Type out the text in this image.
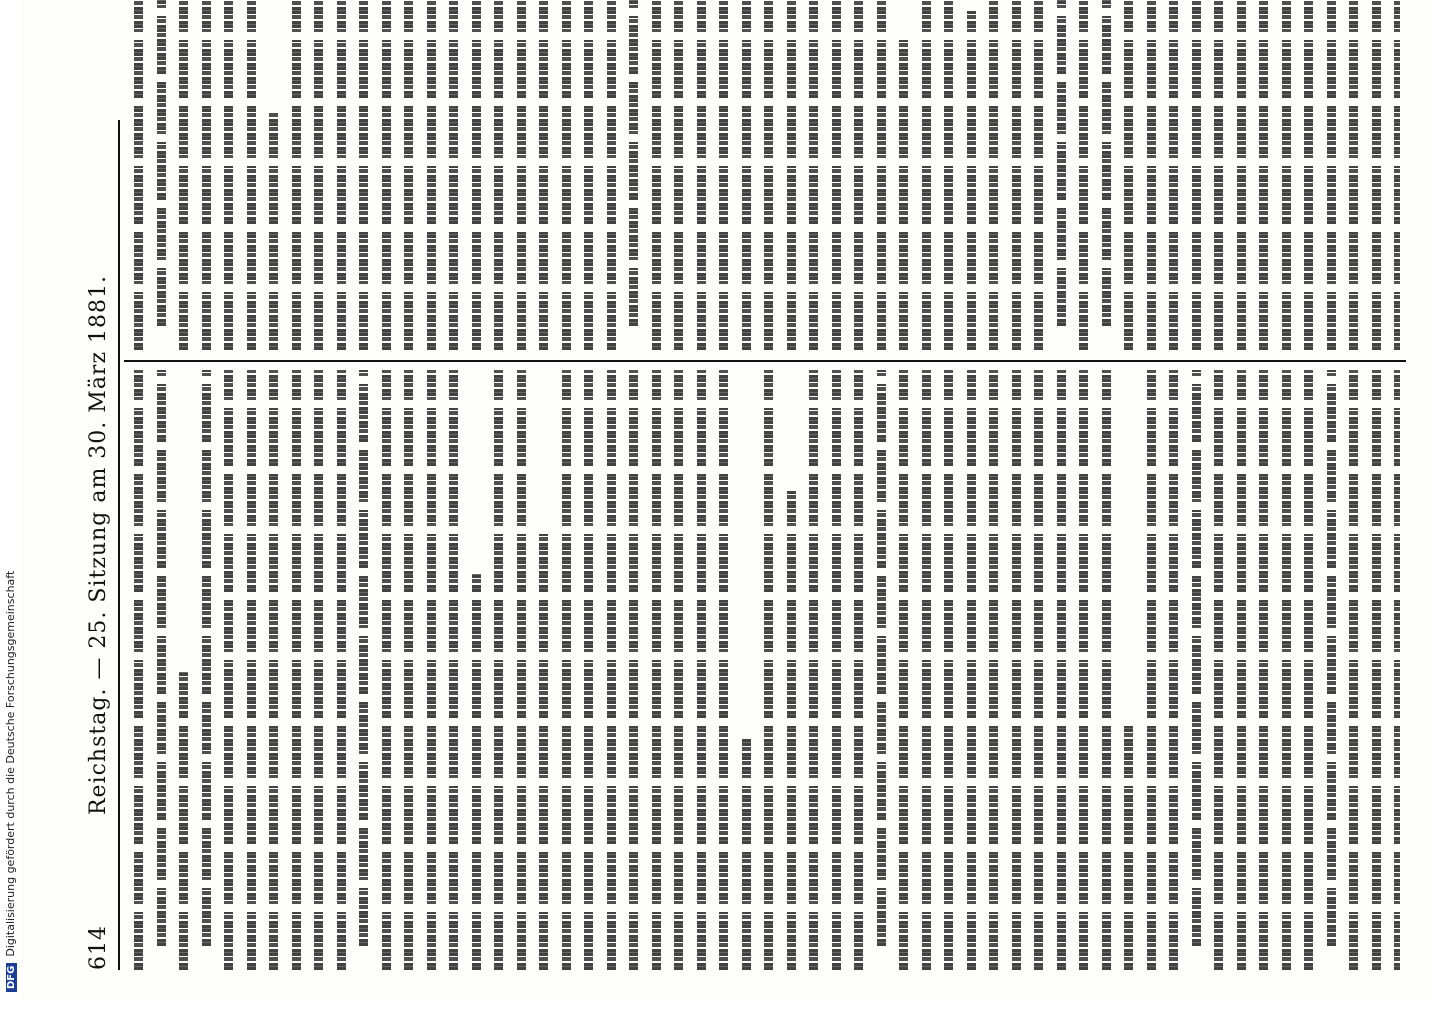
DFGDigitalisierung gefördert durch die Deutsche Forschungsgemeinschaft	614
Reichstag. — 25. Sitzung am 30. März 1881.
